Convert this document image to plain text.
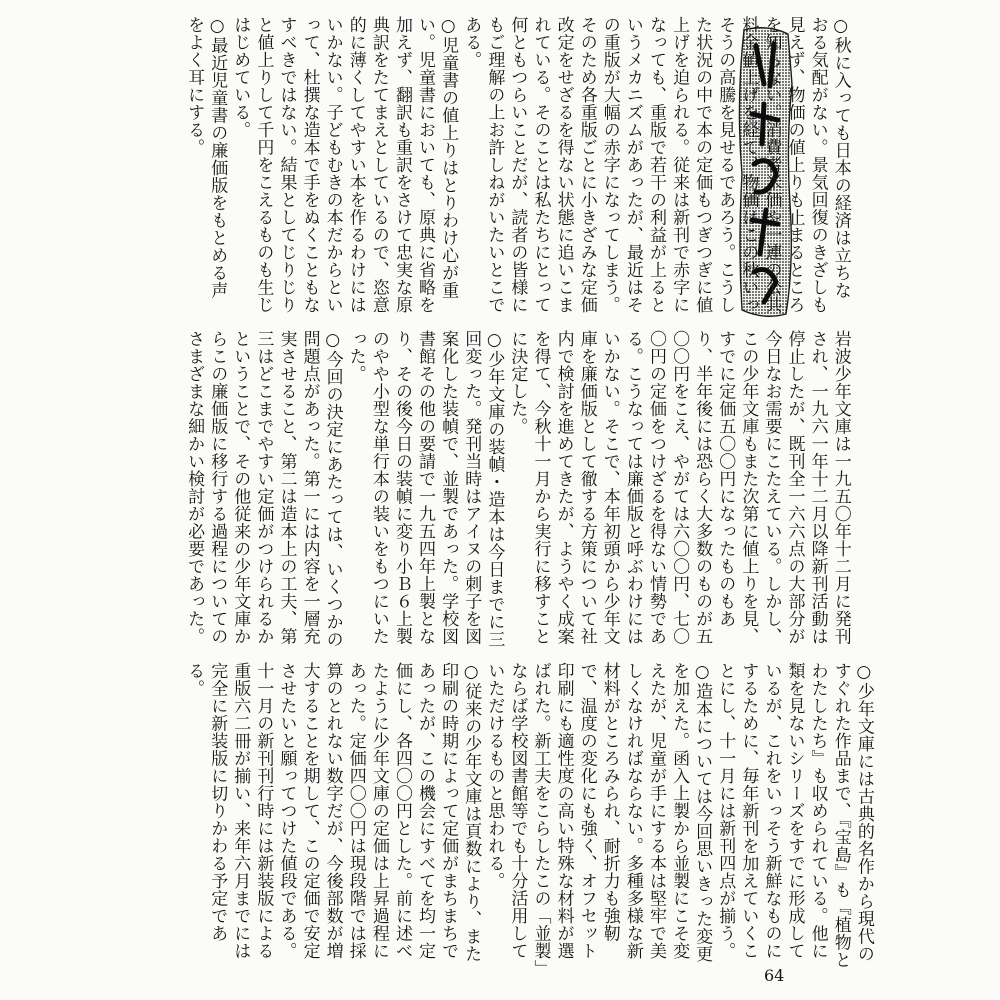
○秋に入っても日本の経済は立ちなおる気配がない。景気回復のきざしも見えず、物価の値上りも止まるところを知らない。消費者米価や一連の公共料金値上げを経て、物価はこの秋いっそうの高騰を見せるであろう。こうした状況の中で本の定価もつぎつぎに値上げを迫られる。従来は新刊で赤字になっても、重版で若干の利益が上るというメカニズムがあったが、最近はその重版が大幅の赤字になってしまう。そのため各重版ごとに小きざみな定価改定をせざるを得ない状態に追いこまれている。そのことは私たちにとって何ともつらいことだが、読者の皆様にもご理解の上お許しねがいたいとこである。

○児童書の値上りはとりわけ心が重い。児童書においても、原典に省略を加えず、翻訳も重訳をさけて忠実な原典訳をたてまえとしているので、恣意的に薄くしてやすい本を作るわけにはいかない。子どもむきの本だからといって、杜撰な造本で手をぬくこともなすべきではない。結果としてじりじりと値上りして千円をこえるものも生じはじめている。

○最近児童書の廉価版をもとめる声をよく耳にする。

岩波少年文庫は一九五〇年十二月に発刊され、一九六一年十二月以降新刊活動は停止したが、既刊全一六六点の大部分が今日なお需要にこたえている。しかし、この少年文庫もまた次第に値上りを見、すでに定価五〇〇円になったものもあり、半年後には恐らく大多数のものが五〇〇円をこえ、やがては六〇〇円、七〇〇円の定価をつけざるを得ない情勢である。こうなっては廉価版と呼ぶわけにはいかない。そこで、本年初頭から少年文庫を廉価版として徹する方策について社内で検討を進めてきたが、ようやく成案を得て、今秋十一月から実行に移すことに決定した。

○少年文庫の装幀・造本は今日までに三回変った。発刊当時はアイヌの刺子を図案化した装幀で、並製であった。学校図書館その他の要請で一九五四年上製となり、その後今日の装幀に変り小Ｂ６上製のやや小型な単行本の装いをもつにいたった。

○今回の決定にあたっては、いくつかの問題点があった。第一には内容を一層充実させること、第二は造本上の工夫、第三はどこまでやすい定価がつけられるかということで、その他従来の少年文庫からこの廉価版に移行する過程についてのさまざまな細かい検討が必要であった。

○少年文庫には古典的名作から現代のすぐれた作品まで、『宝島』も『植物とわたしたち』も収められている。他に類を見ないシリーズをすでに形成しているが、これをいっそう新鮮なものにするために、毎年新刊を加えていくことにし、十一月には新刊四点が揃う。

○造本については今回思いきった変更を加えた。函入上製から並製にこそ変えたが、児童が手にする本は堅牢で美しくなければならない。多種多様な新材料がところみられ、耐折力も強靭で、温度の変化にも強く、オフセット印刷にも適性度の高い特殊な材料が選ばれた。新工夫をこらしたこの「並製」ならば学校図書館等でも十分活用していただけるものと思われる。

○従来の少年文庫は頁数により、また印刷の時期によって定価がまちまちであったが、この機会にすべてを均一定価にし、各四〇〇円とした。前に述べたように少年文庫の定価は上昇過程にあった。定価四〇〇円は現段階では採算のとれない数字だが、今後部数が増大することを期して、この定価で安定させたいと願ってつけた値段である。十一月の新刊刊行時には新装版による重版六二冊が揃い、来年六月までには完全に新装版に切りかわる予定である。

64
